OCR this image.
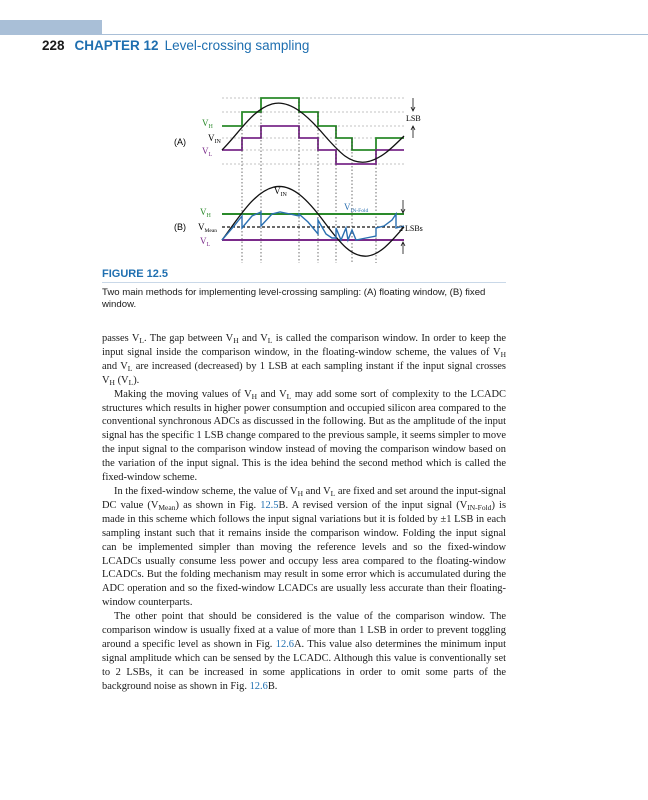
228 CHAPTER 12 Level-crossing sampling
(A)
$V_H$
$V_{IN}$
$V_L$
LSB
(B)
$V_H$
$V_{Mean}$
$V_L$
$V_{IN}$
$V_{IN-Fold}$
2 LSBs
FIGURE 12.5
Two main methods for implementing level-crossing sampling: (A) floating window, (B) fixed window.

passes $V_L$. The gap between $V_H$ and $V_L$ is called the comparison window. In order to keep the input signal inside the comparison window, in the floating-window scheme, the values of $V_H$ and $V_L$ are increased (decreased) by 1 LSB at each sampling instant if the input signal crosses $V_H$ $(V_L)$.

Making the moving values of $V_H$ and $V_L$ may add some sort of complexity to the LCADC structures which results in higher power consumption and occupied silicon area compared to the conventional synchronous ADCs as discussed in the following. But as the amplitude of the input signal has the specific 1 LSB change compared to the previous sample, it seems simpler to move the input signal to the comparison window instead of moving the comparison window based on the variation of the input signal. This is the idea behind the second method which is called the fixed-window scheme.

In the fixed-window scheme, the value of $V_H$ and $V_L$ are fixed and set around the input-signal DC value $(V_{Mean})$ as shown in Fig. 12.5B. A revised version of the input signal $(V_{IN-Fold})$ is made in this scheme which follows the input signal variations but it is folded by ±1 LSB in each sampling instant such that it remains inside the comparison window. Folding the input signal can be implemented simpler than moving the reference levels and so the fixed-window LCADCs usually consume less power and occupy less area compared to the floating-window LCADCs. But the folding mechanism may result in some error which is accumulated during the ADC operation and so the fixed-window LCADCs are usually less accurate than their floating-window counterparts.

The other point that should be considered is the value of the comparison window. The comparison window is usually fixed at a value of more than 1 LSB in order to prevent toggling around a specific level as shown in Fig. 12.6A. This value also determines the minimum input signal amplitude which can be sensed by the LCADC. Although this value is conventionally set to 2 LSBs, it can be increased in some applications in order to omit some parts of the background noise as shown in Fig. 12.6B.
